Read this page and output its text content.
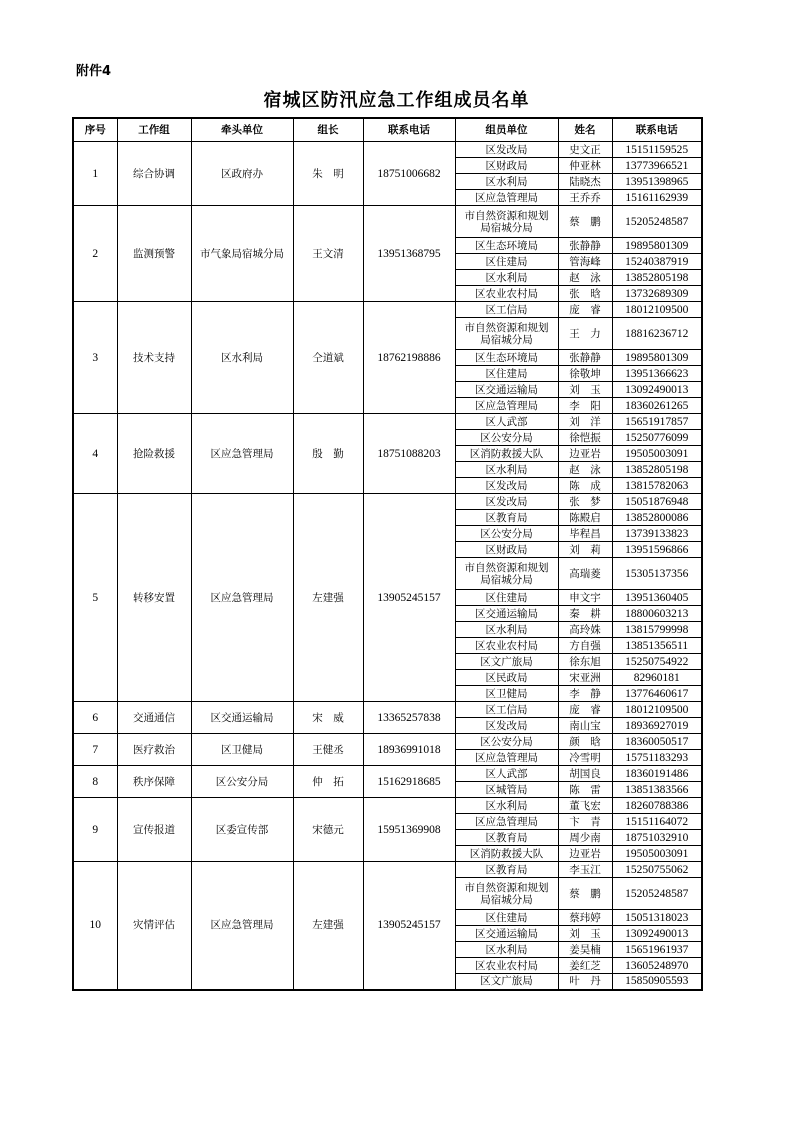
附件4
宿城区防汛应急工作组成员名单
序号	工作组	牵头单位	组长	联系电话	组员单位	姓名	联系电话
1	综合协调	区政府办	朱　明	18751006682	区发改局	史文正	15151159525
					区财政局	仲亚林	13773966521
					区水利局	陆晓杰	13951398965
					区应急管理局	王乔乔	15161162939
2	监测预警	市气象局宿城分局	王文清	13951368795	市自然资源和规划局宿城分局	蔡　鹏	15205248587
					区生态环境局	张静静	19895801309
					区住建局	管海峰	15240387919
					区水利局	赵　泳	13852805198
					区农业农村局	张　晗	13732689309
3	技术支持	区水利局	仝道斌	18762198886	区工信局	庞　睿	18012109500
					市自然资源和规划局宿城分局	王　力	18816236712
					区生态环境局	张静静	19895801309
					区住建局	徐敬坤	13951366623
					区交通运输局	刘　玉	13092490013
					区应急管理局	李　阳	18360261265
4	抢险救援	区应急管理局	殷　勤	18751088203	区人武部	刘　洋	15651917857
					区公安分局	徐恺振	15250776099
					区消防救援大队	边亚岩	19505003091
					区水利局	赵　泳	13852805198
					区发改局	陈　成	13815782063
5	转移安置	区应急管理局	左建强	13905245157	区发改局	张　梦	15051876948
					区教育局	陈殿启	13852800086
					区公安分局	毕程昌	13739133823
					区财政局	刘　莉	13951596866
					市自然资源和规划局宿城分局	高瑞菱	15305137356
					区住建局	申文宇	13951360405
					区交通运输局	秦　耕	18800603213
					区水利局	高玲姝	13815799998
					区农业农村局	方自强	13851356511
					区文广旅局	徐东旭	15250754922
					区民政局	宋亚洲	82960181
					区卫健局	李　静	13776460617
6	交通通信	区交通运输局	宋　威	13365257838	区工信局	庞　睿	18012109500
					区发改局	南山宝	18936927019
7	医疗救治	区卫健局	王健丞	18936991018	区公安分局	颜　晗	18360050517
					区应急管理局	冷雪明	15751183293
8	秩序保障	区公安分局	仲　拓	15162918685	区人武部	胡国良	18360191486
					区城管局	陈　雷	13851383566
9	宣传报道	区委宣传部	宋德元	15951369908	区水利局	董飞宏	18260788386
					区应急管理局	卞　青	15151164072
					区教育局	周少南	18751032910
					区消防救援大队	边亚岩	19505003091
10	灾情评估	区应急管理局	左建强	13905245157	区教育局	李玉江	15250755062
					市自然资源和规划局宿城分局	蔡　鹏	15205248587
					区住建局	蔡玮婷	15051318023
					区交通运输局	刘　玉	13092490013
					区水利局	姜昊楠	15651961937
					区农业农村局	姜红芝	13605248970
					区文广旅局	叶　丹	15850905593
